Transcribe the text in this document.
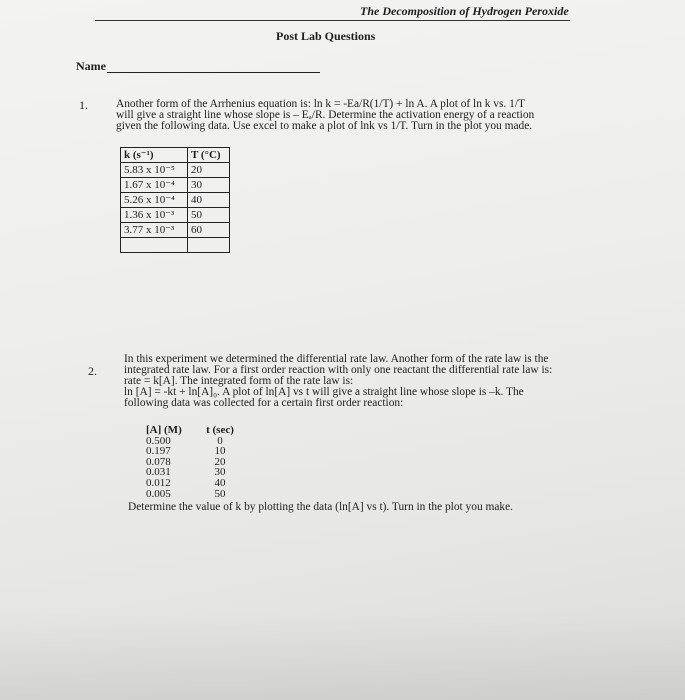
The Decomposition of Hydrogen Peroxide
Post Lab Questions
Name
1. Another form of the Arrhenius equation is: ln k = -Ea/R(1/T) + ln A. A plot of ln k vs. 1/T

will give a straight line whose slope is – Eₐ/R. Determine the activation energy of a reaction

given the following data. Use excel to make a plot of lnk vs 1/T. Turn in the plot you made.

k (s⁻¹)	T (°C)
5.83 x 10⁻⁵	20
1.67 x 10⁻⁴	30
5.26 x 10⁻⁴	40
1.36 x 10⁻³	50
3.77 x 10⁻³	60

2.

In this experiment we determined the differential rate law. Another form of the rate law is the

integrated rate law. For a first order reaction with only one reactant the differential rate law is:

rate = k[A]. The integrated form of the rate law is:

ln [A] = -kt + ln[A]₀. A plot of ln[A] vs t will give a straight line whose slope is –k. The

following data was collected for a certain first order reaction:

[A] (M)	t (sec)
0.500	0
0.197	10
0.078	20
0.031	30
0.012	40
0.005	50

Determine the value of k by plotting the data (ln[A] vs t). Turn in the plot you make.
